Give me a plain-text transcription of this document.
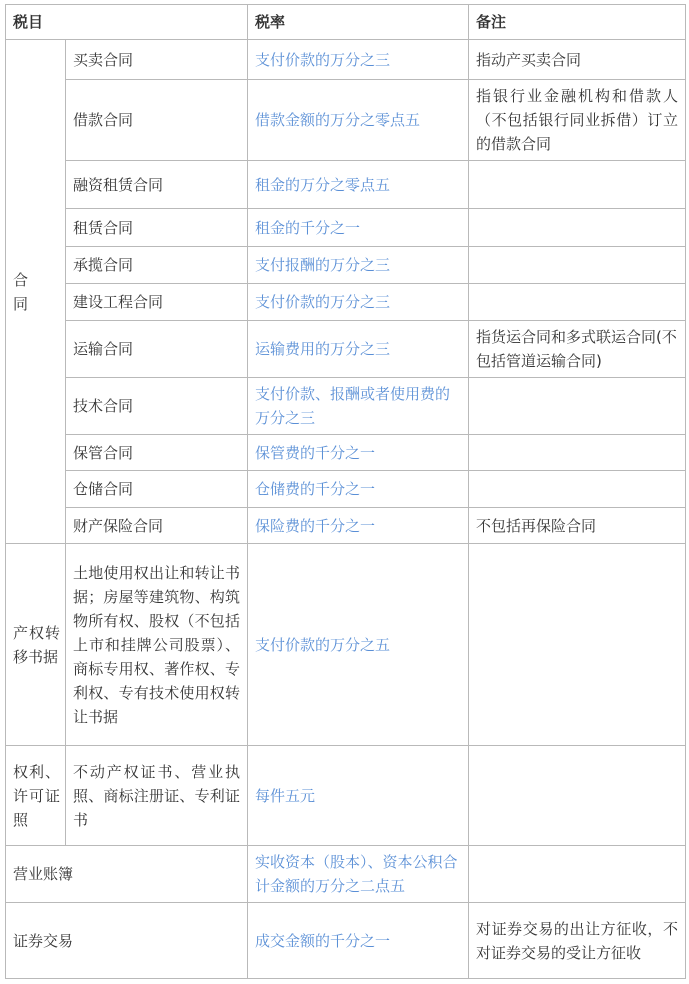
税目		税率	备注

合同	买卖合同	支付价款的万分之三	指动产买卖合同
	借款合同	借款金额的万分之零点五	指银行业金融机构和借款人（不包括银行同业拆借）订立的借款合同
	融资租赁合同	租金的万分之零点五	
	租赁合同	租金的千分之一	
	承揽合同	支付报酬的万分之三	
	建设工程合同	支付价款的万分之三	
	运输合同	运输费用的万分之三	指货运合同和多式联运合同(不包括管道运输合同)
	技术合同	支付价款、报酬或者使用费的万分之三	
	保管合同	保管费的千分之一	
	仓储合同	仓储费的千分之一	
	财产保险合同	保险费的千分之一	不包括再保险合同
产权转移书据	土地使用权出让和转让书据；房屋等建筑物、构筑物所有权、股权（不包括上市和挂牌公司股票）、商标专用权、著作权、专利权、专有技术使用权转让书据	支付价款的万分之五	
权利、许可证照	不动产权证书、营业执照、商标注册证、专利证书	每件五元	
营业账簿		实收资本（股本）、资本公积合计金额的万分之二点五	
证券交易		成交金额的千分之一	对证券交易的出让方征收，不对证券交易的受让方征收
